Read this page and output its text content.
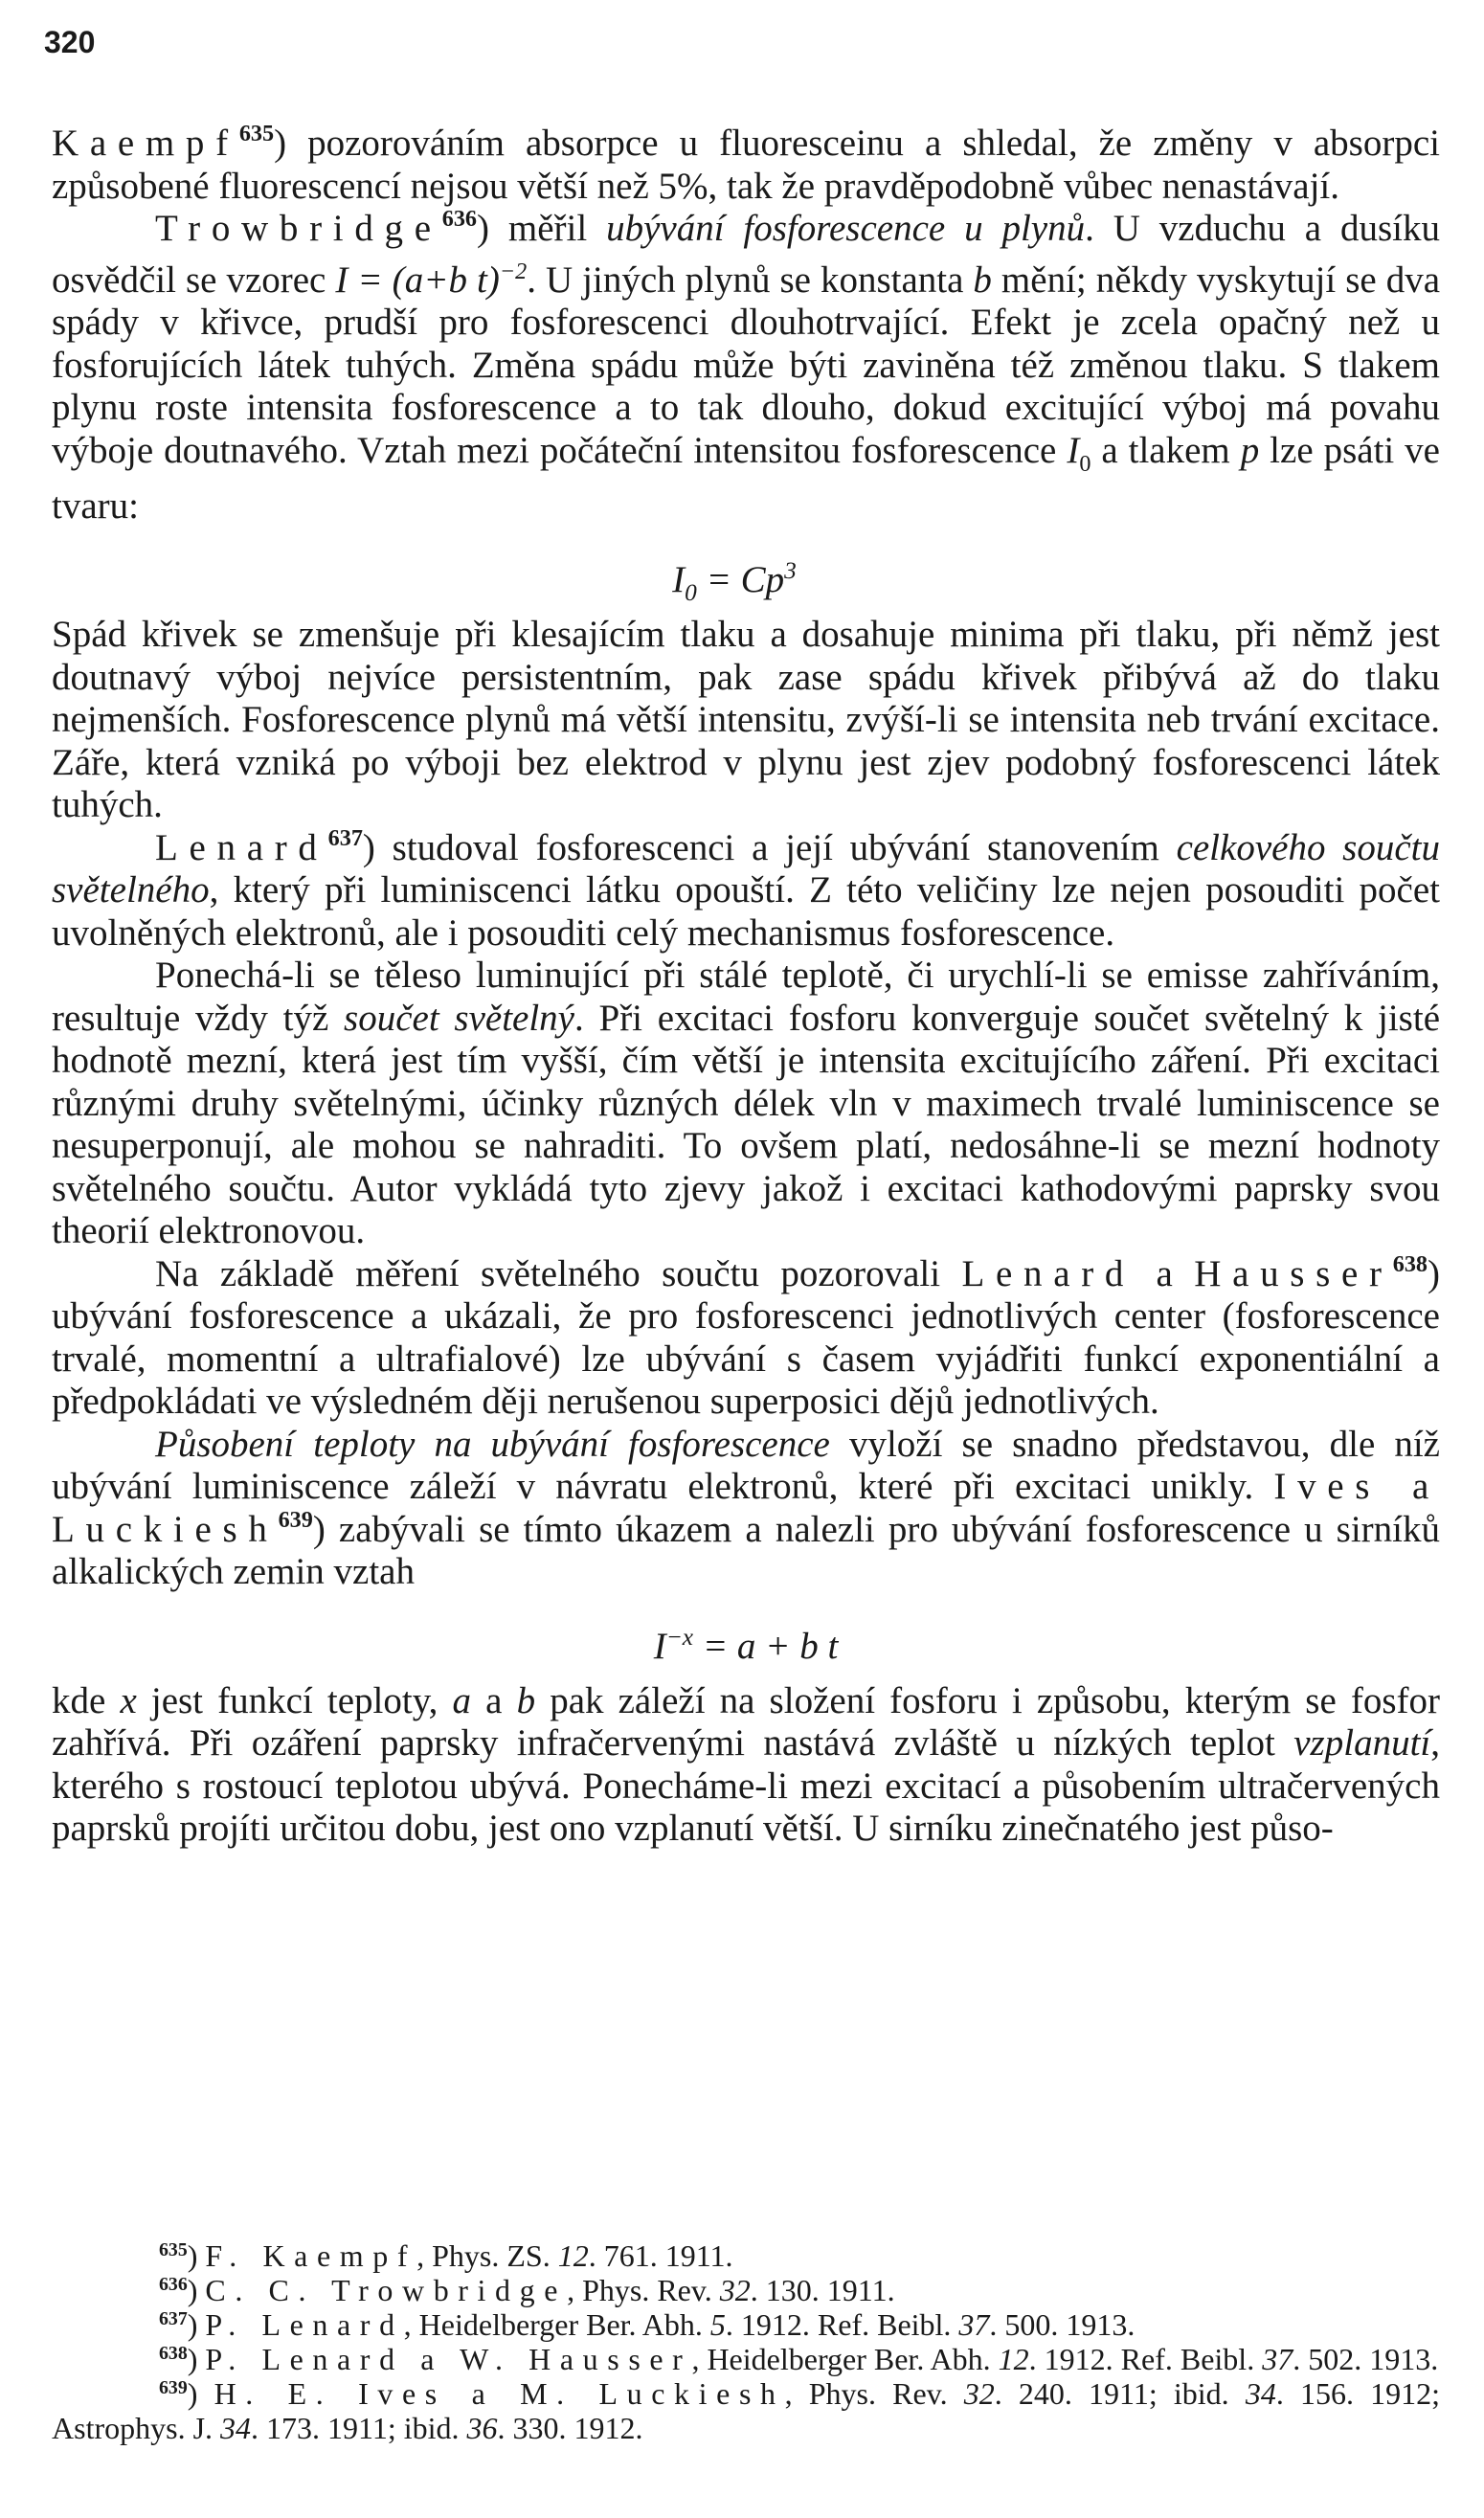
320

Kaempf$^{635}$) pozorováním absorpce u fluoresceinu a shledal, že změny v absorpci způsobené fluorescencí nejsou větší než 5%, tak že pravděpodobně vůbec nenastávají.

Trowbridge$^{636}$) měřil ubývání fosforescence u plynů. U vzduchu a dusíku osvědčil se vzorec I = (a+b t)$^{-2}$. U jiných plynů se konstanta b mění; někdy vyskytují se dva spády v křivce, prudší pro fosforescenci dlouhotrvající. Efekt je zcela opačný než u fosforujících látek tuhých. Změna spádu může býti zaviněna též změnou tlaku. S tlakem plynu roste intensita fosforescence a to tak dlouho, dokud excitující výboj má povahu výboje doutnavého. Vztah mezi počáteční intensitou fosforescence $I_0$ a tlakem p lze psáti ve tvaru:

$I_0 = Cp^3$

Spád křivek se zmenšuje při klesajícím tlaku a dosahuje minima při tlaku, při němž jest doutnavý výboj nejvíce persistentním, pak zase spádu křivek přibývá až do tlaku nejmenších. Fosforescence plynů má větší intensitu, zvýší-li se intensita neb trvání excitace. Záře, která vzniká po výboji bez elektrod v plynu jest zjev podobný fosforescenci látek tuhých.

Lenard$^{637}$) studoval fosforescenci a její ubývání stanovením celkového součtu světelného, který při luminiscenci látku opouští. Z této veličiny lze nejen posouditi počet uvolněných elektronů, ale i posouditi celý mechanismus fosforescence.

Ponechá-li se těleso luminující při stálé teplotě, či urychlí-li se emisse zahříváním, resultuje vždy týž součet světelný. Při excitaci fosforu konverguje součet světelný k jisté hodnotě mezní, která jest tím vyšší, čím větší je intensita excitujícího záření. Při excitaci různými druhy světelnými, účinky různých délek vln v maximech trvalé luminiscence se nesuperponují, ale mohou se nahraditi. To ovšem platí, nedosáhne-li se mezní hodnoty světelného součtu. Autor vykládá tyto zjevy jakož i excitaci kathodovými paprsky svou theorií elektronovou.

Na základě měření světelného součtu pozorovali Lenard a Hausser$^{638}$) ubývání fosforescence a ukázali, že pro fosforescenci jednotlivých center (fosforescence trvalé, momentní a ultrafialové) lze ubývání s časem vyjádřiti funkcí exponentiální a předpokládati ve výsledném ději nerušenou superposici dějů jednotlivých.

Působení teploty na ubývání fosforescence vyloží se snadno představou, dle níž ubývání luminiscence záleží v návratu elektronů, které při excitaci unikly. Ives a Luckiesh$^{639}$) zabývali se tímto úkazem a nalezli pro ubývání fosforescence u sirníků alkalických zemin vztah

$I^{-x} = a + b$ t

kde x jest funkcí teploty, a a b pak záleží na složení fosforu i způsobu, kterým se fosfor zahřívá. Při ozáření paprsky infračervenými nastává zvláště u nízkých teplot vzplanutí, kterého s rostoucí teplotou ubývá. Ponecháme-li mezi excitací a působením ultračervených paprsků projíti určitou dobu, jest ono vzplanutí větší. U sirníku zinečnatého jest půso-

$^{635}$) F. Kaempf, Phys. ZS. 12. 761. 1911.

$^{636}$) C. C. Trowbridge, Phys. Rev. 32. 130. 1911.

$^{637}$) P. Lenard, Heidelberger Ber. Abh. 5. 1912. Ref. Beibl. 37. 500. 1913.

$^{638}$) P. Lenard a W. Hausser, Heidelberger Ber. Abh. 12. 1912. Ref. Beibl. 37. 502. 1913.

$^{639}$) H. E. Ives a M. Luckiesh, Phys. Rev. 32. 240. 1911; ibid. 34. 156. 1912; Astrophys. J. 34. 173. 1911; ibid. 36. 330. 1912.
